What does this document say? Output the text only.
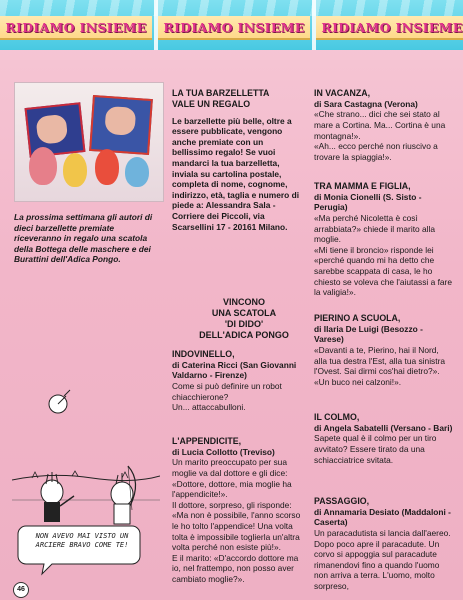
RIDIAMO INSIEME RIDIAMO INSIEME RIDIAMO INSIEME
La prossima settimana gli autori di dieci barzellette premiate riceveranno in regalo una scatola della Bottega delle maschere e dei Burattini dell'Adica Pongo.
LA TUA BARZELLETTA
VALE UN REGALO
Le barzellette più belle, oltre a essere pubblicate, vengono anche premiate con un bellissimo regalo! Se vuoi mandarci la tua barzelletta, inviala su cartolina postale, completa di nome, cognome, indirizzo, età, taglia e numero di piede a: Alessandra Sala - Corriere dei Piccoli, via Scarsellini 17 - 20161 Milano.
VINCONO
UNA SCATOLA
'DI DIDO'
DELL'ADICA PONGO
INDOVINELLO,
di Caterina Ricci (San Giovanni Valdarno - Firenze)
Come si può definire un robot chiacchierone?
Un... attaccabulloni.
L'APPENDICITE,
di Lucia Collotto (Treviso)
Un marito preoccupato per sua moglie va dal dottore e gli dice: «Dottore, dottore, mia moglie ha l'appendicite!».
Il dottore, sorpreso, gli risponde: «Ma non è possibile, l'anno scorso le ho tolto l'appendice! Una volta tolta è impossibile toglierla un'altra volta perché non esiste più!».
E il marito: «D'accordo dottore ma io, nel frattempo, non posso aver cambiato moglie?».
IN VACANZA,
di Sara Castagna (Verona)
«Che strano... dici che sei stato al mare a Cortina. Ma... Cortina è una montagna!».
«Ah... ecco perché non riuscivo a trovare la spiaggia!».
TRA MAMMA E FIGLIA,
di Monia Cionelli (S. Sisto - Perugia)
«Ma perché Nicoletta è così arrabbiata?» chiede il marito alla moglie.
«Mi tiene il broncio» risponde lei «perché quando mi ha detto che sarebbe scappata di casa, le ho chiesto se voleva che l'aiutassi a fare la valigia!».
PIERINO A SCUOLA,
di Ilaria De Luigi (Besozzo - Varese)
«Davanti a te, Pierino, hai il Nord, alla tua destra l'Est, alla tua sinistra l'Ovest. Sai dirmi cos'hai dietro?».
«Un buco nei calzoni!».
IL COLMO,
di Angela Sabatelli (Versano - Bari)
Sapete qual è il colmo per un tiro avvitato? Essere tirato da una schiacciatrice svitata.
PASSAGGIO,
di Annamaria Desiato (Maddaloni - Caserta)
Un paracadutista si lancia dall'aereo. Dopo poco apre il paracadute. Un corvo si appoggia sul paracadute rimanendovi fino a quando l'uomo non arriva a terra. L'uomo, molto sorpreso,
NON AVEVO MAI VISTO UN ARCIERE BRAVO COME TE!
46
